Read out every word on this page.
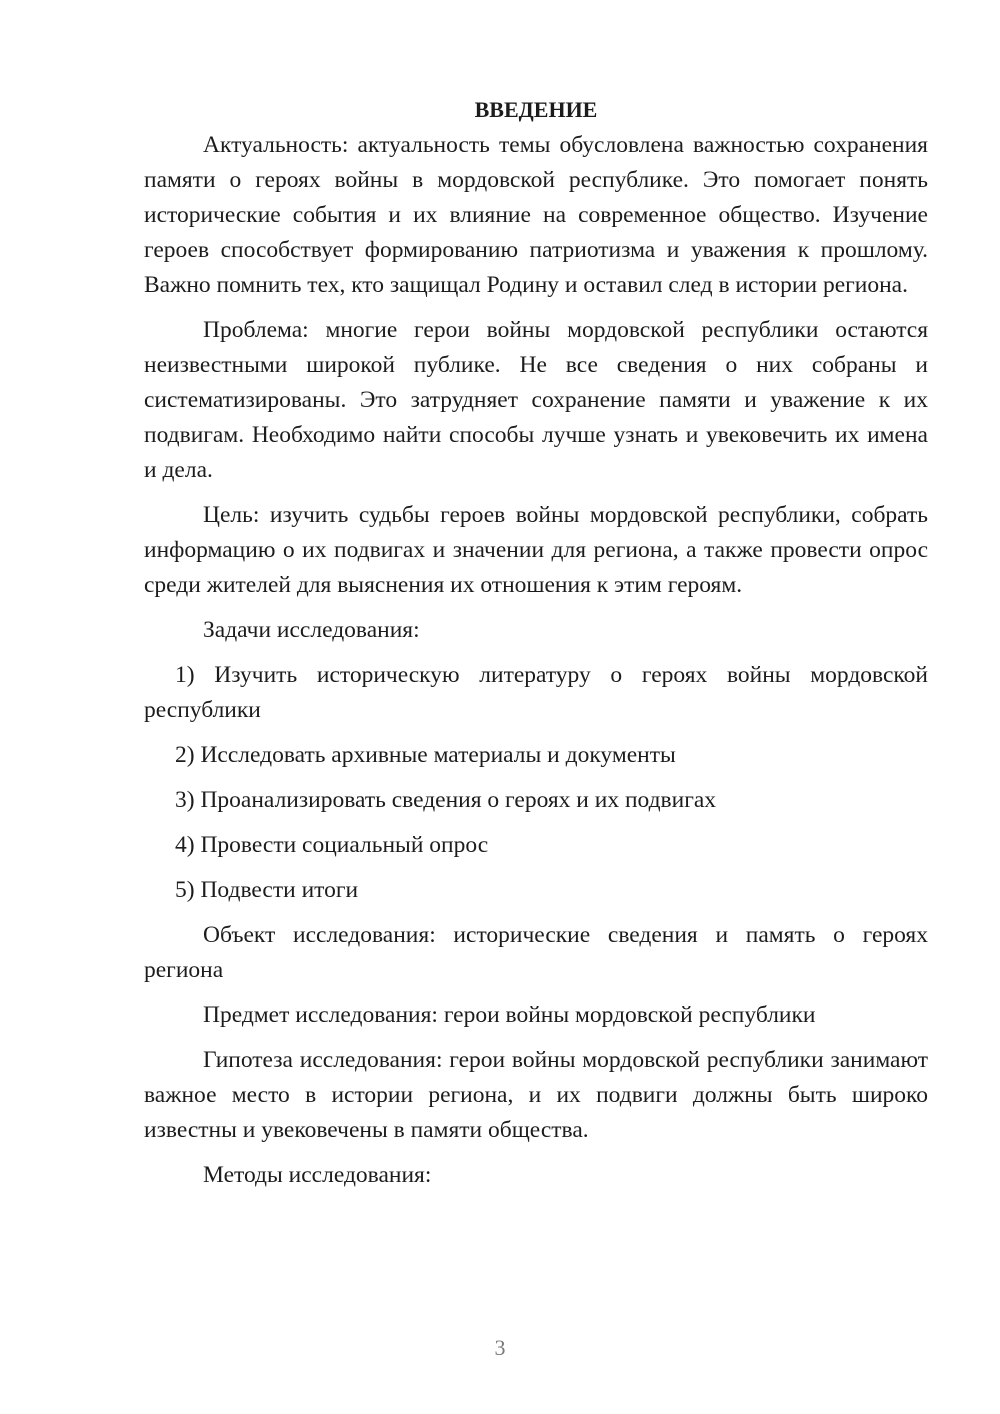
ВВЕДЕНИЕ

Актуальность: актуальность темы обусловлена важностью сохранения памяти о героях войны в мордовской республике. Это помогает понять исторические события и их влияние на современное общество. Изучение героев способствует формированию патриотизма и уважения к прошлому. Важно помнить тех, кто защищал Родину и оставил след в истории региона.

Проблема: многие герои войны мордовской республики остаются неизвестными широкой публике. Не все сведения о них собраны и систематизированы. Это затрудняет сохранение памяти и уважение к их подвигам. Необходимо найти способы лучше узнать и увековечить их имена и дела.

Цель: изучить судьбы героев войны мордовской республики, собрать информацию о их подвигах и значении для региона, а также провести опрос среди жителей для выяснения их отношения к этим героям.

Задачи исследования:

1) Изучить историческую литературу о героях войны мордовской республики

2) Исследовать архивные материалы и документы

3) Проанализировать сведения о героях и их подвигах

4) Провести социальный опрос

5) Подвести итоги

Объект исследования: исторические сведения и память о героях региона

Предмет исследования: герои войны мордовской республики

Гипотеза исследования: герои войны мордовской республики занимают важное место в истории региона, и их подвиги должны быть широко известны и увековечены в памяти общества.

Методы исследования:

3
